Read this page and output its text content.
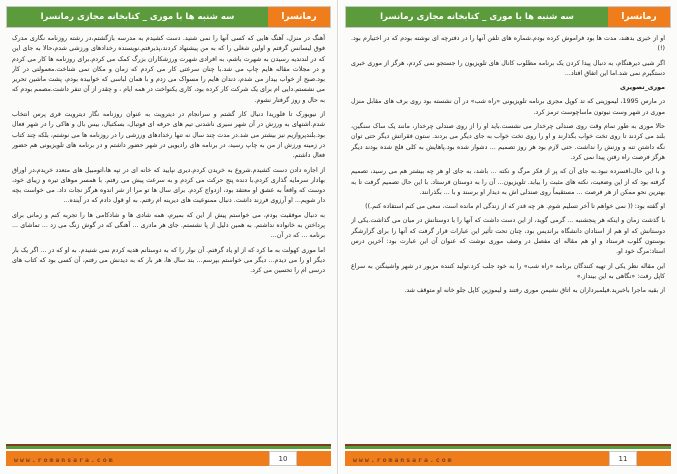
سه شنبه ها با موری _ کتابخانه مجازی رمانسرا	رمانسرا

آهنگ در منزل، آهنگ هایی که کسی آنها را نمی شنید. دست کشیدم به مدرسه بازگشتم،در رشته روزنامه نگاری مدرک فوق لیسانس گرفتم و اولین شغلی را که به من پیشنهاد کردند،پذیرفتم.نویسنده رخدادهای ورزشی شدم،حالا به جای این که در لندندیه رسیدن به شهرت باشم، به افرادی شهرت ورزشکاران بزرگ کمک می کردم.برای روزنامه ها کار می کردم و در مجلات مقاله هایم چاپ می شد.با چنان سرعتی کار می کردم که زمان و مکان نمی شناخت.معمولتی در کار بود.صبح از خواب بیدار می شدم، دندان هایم را مسواک می زدم و با همان لباسی که خوابیده بودم، پشت ماشین تحریر می نشستم.دایی ام برای یک شرکت کار کرده بود، کاری یکنواخت در همه ایام ، و چقدر از آن تنفر داشت.مصمم بودم که به حال و روز گرفتار نشوم.

از نیویورک تا فلوریدا دنبال کار گشتم و سرانجام در دیترویت به عنوان روزنامه نگار دیترویت فری پرس انتخاب شدم.اشتهای به ورزش در آن شهر سیری ناشدنی تیم های حرفه ای فوتبال، بسکتبال، بیس بال و هاکی را در شهر فعال بود.بلندپروازیم نیز بیشتر می شد.در مدت چند سال نه تنها رخدادهای ورزشی را در روزنامه ها می نوشتم، بلکه چند کتاب در زمینه ورزش از من به چاپ رسید، در برنامه های رادیویی در شهر حضور داشتم و در برنامه های تلویزیونی هم حضور فعال داشتم.

از اجاره دادن دست کشیدم.شروع به خریدن کردم.دیری نپایید که خانه ای در تپه ها،اتومبیل های متعدد خریدم،در اوراق بهادار سرمایه گذاری کردم.با دنده پنج حرکت می کردم و به سرعت پیش می رفتم. با همسر موهای تیره و زیبای خود، دوست که واقعاً به عشق او معتقد بود، ازدواج کردم. برای سال ها تو مرا از شر اندوه هرگز نجات داد. می خواست بچه دار شویم... او آرزوی فرزند داشت. دنبال ممنوعیت های دیرینه ام رفتم. به او قول دادم که در آینده...

به دنبال موفقیت بودم، می خواستم پیش از این که بمیرم، همه شادی ها و شادکامی ها را تجربه کنم و زمانی برای پرداختن به خانواده نداشتم. به همین دلیل از پا نشستم. جای هر مادری ... آهنگی که در گوش زنگ می زد ... تماشای ... برنامه ... که در آن...

اما موری کهولت به ما کرد که از او یاد گرفتم. آن نوار را که به دوستانم هدیه کردم نمی شنیدم. به او که در ... اگر یک بار دیگر او را می دیدم... دیگر می خواستم بپرسم... بند سال ها، هر بار که به دیدنش می رفتم، آن کسی بود که کتاب های درسی ام را تحسین می کرد.

www.romansara.com	10
سه شنبه ها با موری _ کتابخانه مجازی رمانسرا	رمانسرا

او از خبری بدهند، مدت ها بود فراموش کرده بودم.شماره های تلفن آنها را در دفترچه ای نوشته بودم که در اختیارم بود. (!)

اگر شبی دیرهنگام، به دنبال پیدا کردن یک برنامه مطلوب کانال های تلویزیون را جستجو نمی کردم، هرگز از موری خبری دستگیرم نمی شد.اما این اتفاق افتاد...

موری_تصویری

در مارس 1995، لیموزینی که تد کوپل مجری برنامه تلویزیونی «راه شب» در آن نشسته بود روی برف های مقابل منزل موری در شهر وست نیوتون ماساچوست ترمز کرد.

حالا موری به طور تمام وقت روی صندلی چرخدار می نشست.باید او را از روی صندلی چرخدار، مانند یک ساک سنگین، بلند می کردند تا روی تخت خواب بگذارند و او را روی تخت خواب به جای دیگر می بردند. ستون فقراتش دیگر حتی توان نگه داشتن تنه و وزنش را نداشت. حتی لازم بود هر روز تصمیم ... دشوار شده بود.پاهایش به کلی فلج شده بودند دیگر هرگز فرصت راه رفتن پیدا نمی کرد.

و با این حال،افسرده نبود.به جای آن که پر از فکر مرگ و نکته ... باشد، به جای او هر چه بیشتر هم می رسید، تصمیم گرفته بود که از این وضعیت، نکته های مثبت را بیابد. تلویزیون... آن را به دوستان فرستاد. با این حال تصمیم گرفت تا به بهترین نحو ممکن از هر فرصت ... مستقیماً روی صندلی اش به دیدار او برسند و با ... بگذرانند.

او گفته بود: (( نمی خواهم تا آخر تسلیم شوم. هر چه قدر که از زندگی ام مانده است، سعی می کنم استفاده کنم.))

با گذشت زمان و اینکه هر پنجشنبه ... گرمی گوید، از این دست داشت که آنها را با دوستانش در میان می گذاشت.یکی از دوستانش که او هم از استادان دانشگاه براندیس بود، چنان تحت تأثیر این عبارات قرار گرفت که آنها را برای گزارشگر بوستون گلوب فرستاد و او هم مقاله ای مفصل در وصف موری نوشت که عنوان آن این عبارت بود: آخرین درس استاد:مرگ خود او.

این مقاله نظر یکی از تهیه کنندگان برنامه «راه شب» را به خود جلب کرد.تولید کننده مزبور در شهر واشینگتن به سراغ کاپل رفت: «نگاهی به این بینداز.»

از بقیه ماجرا باخبرید.فیلمبرداران به اتاق نشیمن موری رفتند و لیموزین کاپل جلو خانه او متوقف شد.

www.romansara.com	11
